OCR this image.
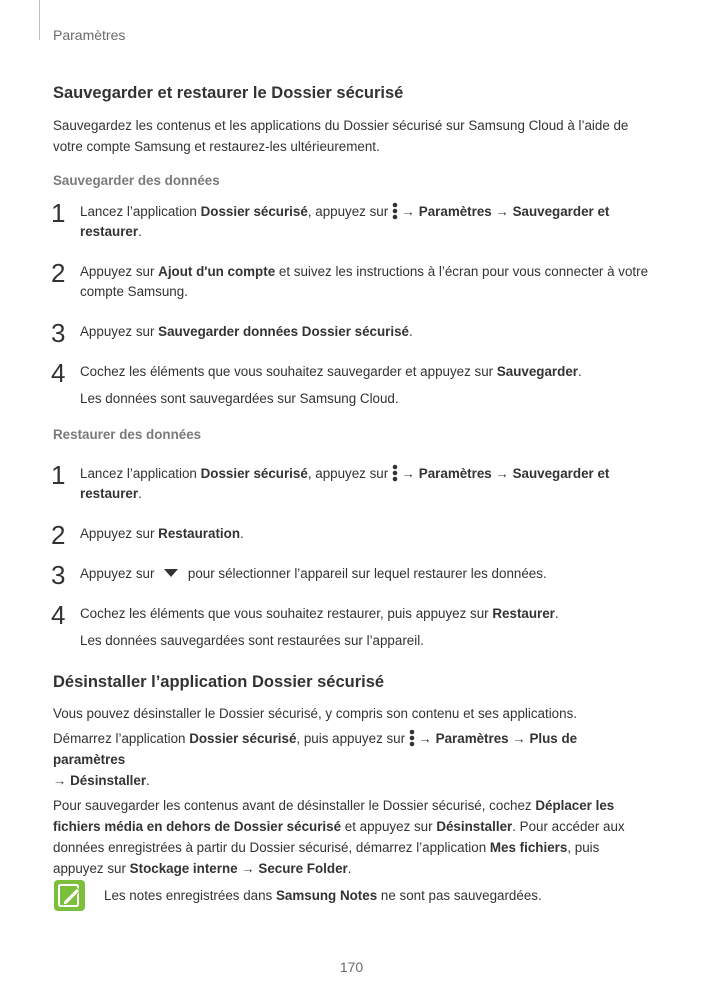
Paramètres
Sauvegarder et restaurer le Dossier sécurisé

Sauvegardez les contenus et les applications du Dossier sécurisé sur Samsung Cloud à l’aide de votre compte Samsung et restaurez-les ultérieurement.

Sauvegarder des données

1 Lancez l’application Dossier sécurisé, appuyez sur  → Paramètres → Sauvegarder et restaurer.
2 Appuyez sur Ajout d'un compte et suivez les instructions à l’écran pour vous connecter à votre compte Samsung.
3 Appuyez sur Sauvegarder données Dossier sécurisé.
4 Cochez les éléments que vous souhaitez sauvegarder et appuyez sur Sauvegarder.
Les données sont sauvegardées sur Samsung Cloud.

Restaurer des données

1 Lancez l’application Dossier sécurisé, appuyez sur  → Paramètres → Sauvegarder et restaurer.
2 Appuyez sur Restauration.
3 Appuyez sur  pour sélectionner l’appareil sur lequel restaurer les données.
4 Cochez les éléments que vous souhaitez restaurer, puis appuyez sur Restaurer.
Les données sauvegardées sont restaurées sur l’appareil.
Désinstaller l’application Dossier sécurisé

Vous pouvez désinstaller le Dossier sécurisé, y compris son contenu et ses applications.

Démarrez l’application Dossier sécurisé, puis appuyez sur  → Paramètres → Plus de paramètres
→ Désinstaller.

Pour sauvegarder les contenus avant de désinstaller le Dossier sécurisé, cochez Déplacer les fichiers média en dehors de Dossier sécurisé et appuyez sur Désinstaller. Pour accéder aux données enregistrées à partir du Dossier sécurisé, démarrez l’application Mes fichiers, puis appuyez sur Stockage interne → Secure Folder.

Les notes enregistrées dans Samsung Notes ne sont pas sauvegardées.
170
